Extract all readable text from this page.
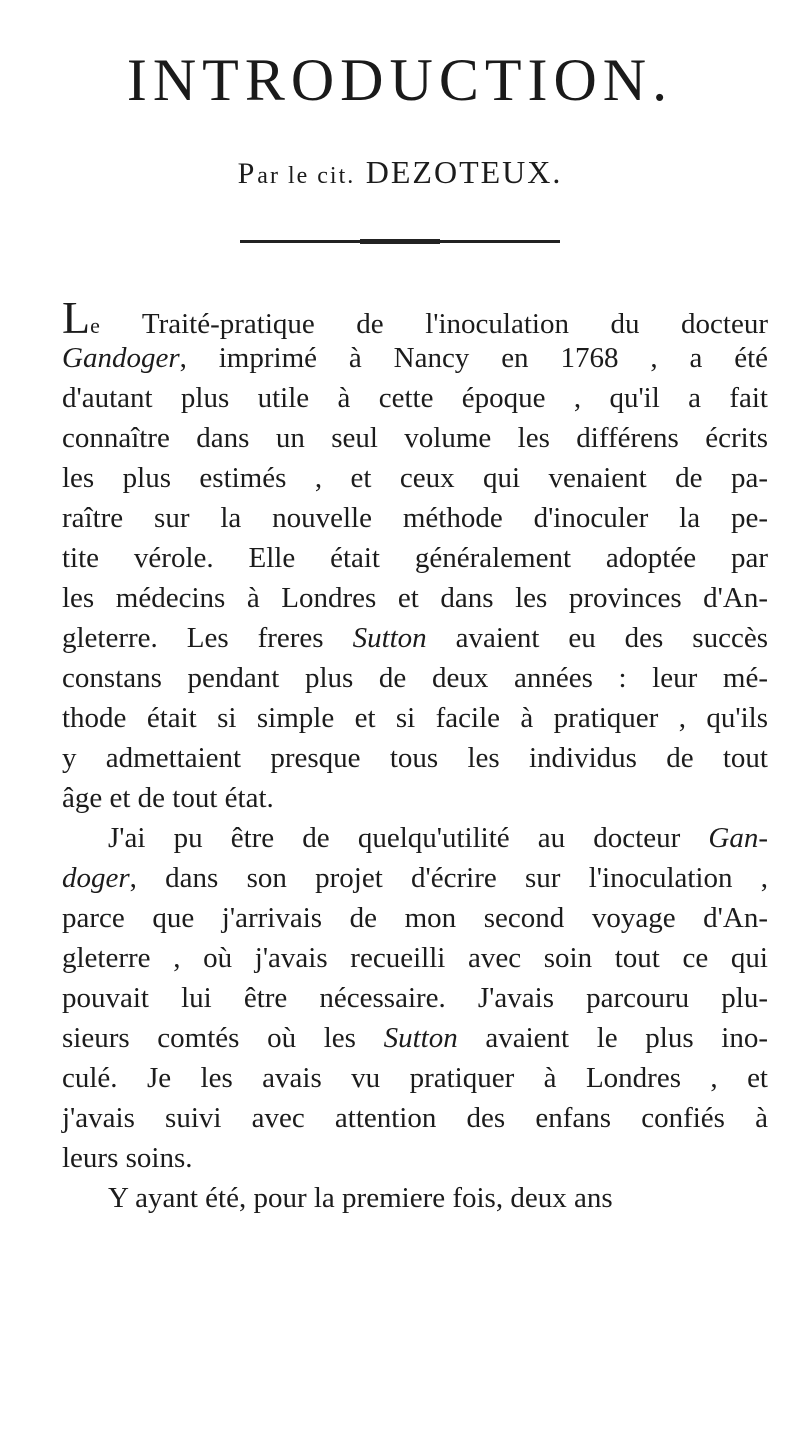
INTRODUCTION.

Par le cit. DEZOTEUX.

Le Traité-pratique de l'inoculation du docteur
Gandoger, imprimé à Nancy en 1768 , a été
d'autant plus utile à cette époque , qu'il a fait
connaître dans un seul volume les différens écrits
les plus estimés , et ceux qui venaient de pa-
raître sur la nouvelle méthode d'inoculer la pe-
tite vérole. Elle était généralement adoptée par
les médecins à Londres et dans les provinces d'An-
gleterre. Les freres Sutton avaient eu des succès
constans pendant plus de deux années : leur mé-
thode était si simple et si facile à pratiquer , qu'ils
y admettaient presque tous les individus de tout
âge et de tout état.
J'ai pu être de quelqu'utilité au docteur Gan-
doger, dans son projet d'écrire sur l'inoculation ,
parce que j'arrivais de mon second voyage d'An-
gleterre , où j'avais recueilli avec soin tout ce qui
pouvait lui être nécessaire. J'avais parcouru plu-
sieurs comtés où les Sutton avaient le plus ino-
culé. Je les avais vu pratiquer à Londres , et
j'avais suivi avec attention des enfans confiés à
leurs soins.
Y ayant été, pour la premiere fois, deux ans
